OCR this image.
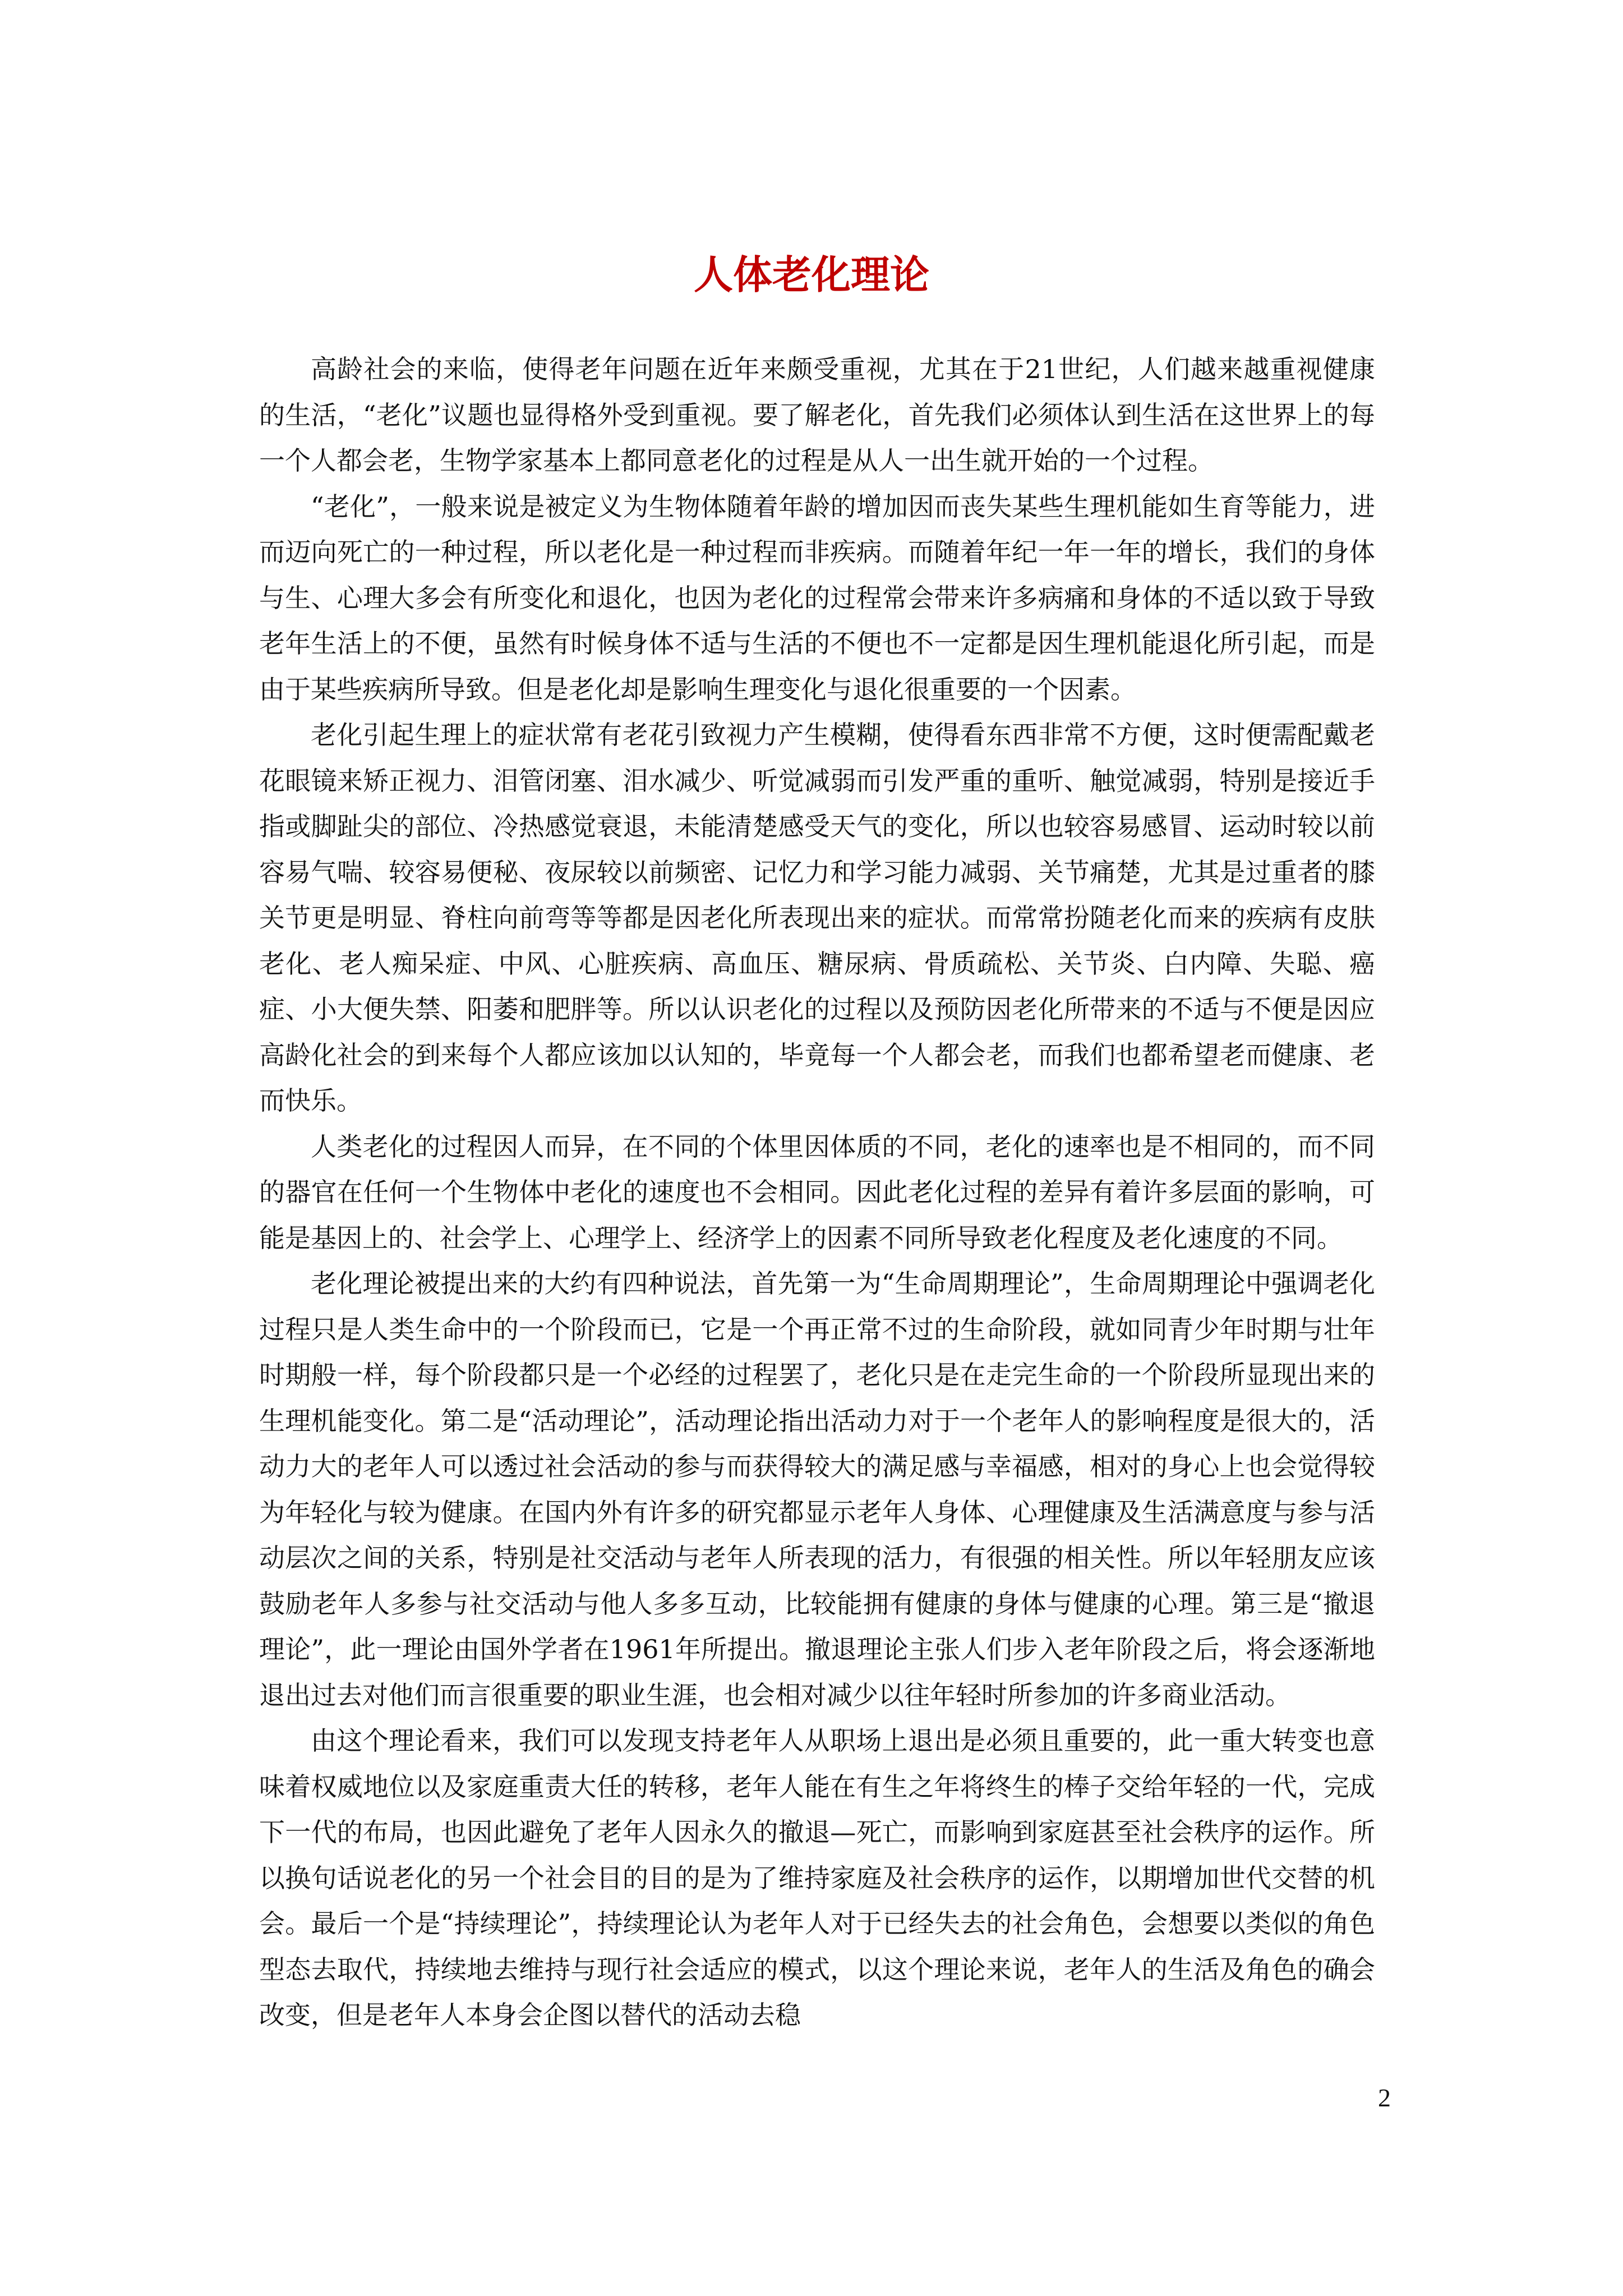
人体老化理论

高龄社会的来临，使得老年问题在近年来颇受重视，尤其在于21世纪，人们越来越重视健康的生活，“老化”议题也显得格外受到重视。要了解老化，首先我们必须体认到生活在这世界上的每一个人都会老，生物学家基本上都同意老化的过程是从人一出生就开始的一个过程。

“老化”，一般来说是被定义为生物体随着年龄的增加因而丧失某些生理机能如生育等能力，进而迈向死亡的一种过程，所以老化是一种过程而非疾病。而随着年纪一年一年的增长，我们的身体与生、心理大多会有所变化和退化，也因为老化的过程常会带来许多病痛和身体的不适以致于导致老年生活上的不便，虽然有时候身体不适与生活的不便也不一定都是因生理机能退化所引起，而是由于某些疾病所导致。但是老化却是影响生理变化与退化很重要的一个因素。

老化引起生理上的症状常有老花引致视力产生模糊，使得看东西非常不方便，这时便需配戴老花眼镜来矫正视力、泪管闭塞、泪水减少、听觉减弱而引发严重的重听、触觉减弱，特别是接近手指或脚趾尖的部位、冷热感觉衰退，未能清楚感受天气的变化，所以也较容易感冒、运动时较以前容易气喘、较容易便秘、夜尿较以前频密、记忆力和学习能力减弱、关节痛楚，尤其是过重者的膝关节更是明显、脊柱向前弯等等都是因老化所表现出来的症状。而常常扮随老化而来的疾病有皮肤老化、老人痴呆症、中风、心脏疾病、高血压、糖尿病、骨质疏松、关节炎、白内障、失聪、癌症、小大便失禁、阳萎和肥胖等。所以认识老化的过程以及预防因老化所带来的不适与不便是因应高龄化社会的到来每个人都应该加以认知的，毕竟每一个人都会老，而我们也都希望老而健康、老而快乐。

人类老化的过程因人而异，在不同的个体里因体质的不同，老化的速率也是不相同的，而不同的器官在任何一个生物体中老化的速度也不会相同。因此老化过程的差异有着许多层面的影响，可能是基因上的、社会学上、心理学上、经济学上的因素不同所导致老化程度及老化速度的不同。

老化理论被提出来的大约有四种说法，首先第一为“生命周期理论”，生命周期理论中强调老化过程只是人类生命中的一个阶段而已，它是一个再正常不过的生命阶段，就如同青少年时期与壮年时期般一样，每个阶段都只是一个必经的过程罢了，老化只是在走完生命的一个阶段所显现出来的生理机能变化。第二是“活动理论”，活动理论指出活动力对于一个老年人的影响程度是很大的，活动力大的老年人可以透过社会活动的参与而获得较大的满足感与幸福感，相对的身心上也会觉得较为年轻化与较为健康。在国内外有许多的研究都显示老年人身体、心理健康及生活满意度与参与活动层次之间的关系，特别是社交活动与老年人所表现的活力，有很强的相关性。所以年轻朋友应该鼓励老年人多参与社交活动与他人多多互动，比较能拥有健康的身体与健康的心理。第三是“撤退理论”，此一理论由国外学者在1961年所提出。撤退理论主张人们步入老年阶段之后，将会逐渐地退出过去对他们而言很重要的职业生涯，也会相对减少以往年轻时所参加的许多商业活动。

由这个理论看来，我们可以发现支持老年人从职场上退出是必须且重要的，此一重大转变也意味着权威地位以及家庭重责大任的转移，老年人能在有生之年将终生的棒子交给年轻的一代，完成下一代的布局，也因此避免了老年人因永久的撤退—死亡，而影响到家庭甚至社会秩序的运作。所以换句话说老化的另一个社会目的目的是为了维持家庭及社会秩序的运作，以期增加世代交替的机会。最后一个是“持续理论”，持续理论认为老年人对于已经失去的社会角色，会想要以类似的角色型态去取代，持续地去维持与现行社会适应的模式，以这个理论来说，老年人的生活及角色的确会改变，但是老年人本身会企图以替代的活动去稳

2
